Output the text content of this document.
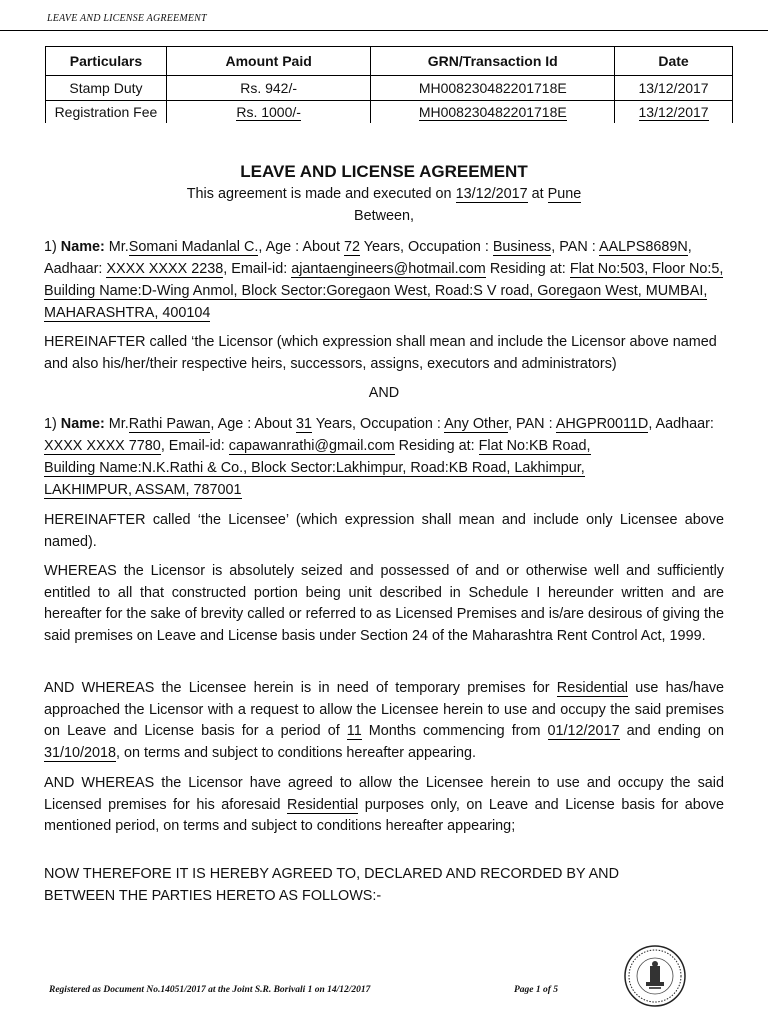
LEAVE AND LICENSE AGREEMENT
Particulars	Amount Paid	GRN/Transaction Id	Date
Stamp Duty	Rs. 942/-	MH008230482201718E	13/12/2017
Registration Fee	Rs. 1000/-	MH008230482201718E	13/12/2017
LEAVE AND LICENSE AGREEMENT
This agreement is made and executed on 13/12/2017 at Pune
Between,
1) Name: Mr.Somani Madanlal C., Age : About 72 Years, Occupation : Business, PAN : AALPS8689N, Aadhaar: XXXX XXXX 2238, Email-id: ajantaengineers@hotmail.com Residing at: Flat No:503, Floor No:5, Building Name:D-Wing Anmol, Block Sector:Goregaon West, Road:S V road, Goregaon West, MUMBAI, MAHARASHTRA, 400104
HEREINAFTER called ‘the Licensor (which expression shall mean and include the Licensor above named and also his/her/their respective heirs, successors, assigns, executors and administrators)
AND
1) Name: Mr.Rathi Pawan, Age : About 31 Years, Occupation : Any Other, PAN : AHGPR0011D, Aadhaar: XXXX XXXX 7780, Email-id: capawanrathi@gmail.com Residing at: Flat No:KB Road,
Building Name:N.K.Rathi & Co., Block Sector:Lakhimpur, Road:KB Road, Lakhimpur,
LAKHIMPUR, ASSAM, 787001
HEREINAFTER called ‘the Licensee’ (which expression shall mean and include only Licensee above named).
WHEREAS the Licensor is absolutely seized and possessed of and or otherwise well and sufficiently entitled to all that constructed portion being unit described in Schedule I hereunder written and are hereafter for the sake of brevity called or referred to as Licensed Premises and is/are desirous of giving the said premises on Leave and License basis under Section 24 of the Maharashtra Rent Control Act, 1999.
AND WHEREAS the Licensee herein is in need of temporary premises for Residential use has/have approached the Licensor with a request to allow the Licensee herein to use and occupy the said premises on Leave and License basis for a period of 11 Months commencing from 01/12/2017 and ending on 31/10/2018, on terms and subject to conditions hereafter appearing.
AND WHEREAS the Licensor have agreed to allow the Licensee herein to use and occupy the said Licensed premises for his aforesaid Residential purposes only, on Leave and License basis for above mentioned period, on terms and subject to conditions hereafter appearing;
NOW THEREFORE IT IS HEREBY AGREED TO, DECLARED AND RECORDED BY AND
BETWEEN THE PARTIES HERETO AS FOLLOWS:-
Registered as Document No.14051/2017 at the Joint S.R. Borivali 1 on 14/12/2017	Page 1 of 5
